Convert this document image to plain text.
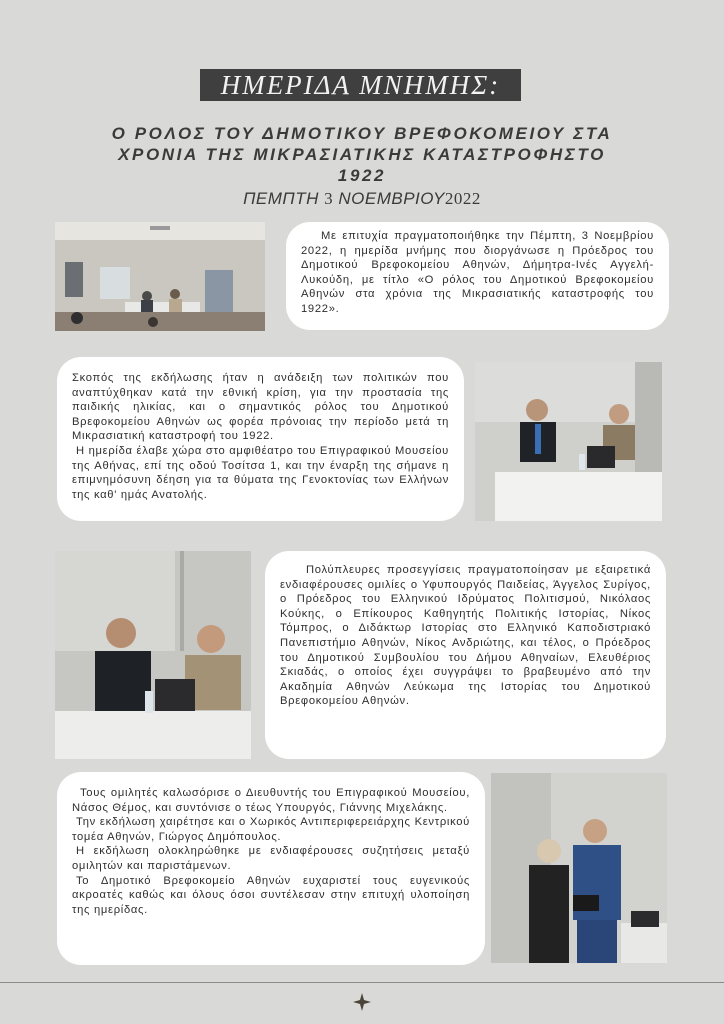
ΗΜΕΡΙΔΑ ΜΝΗΜΗΣ:
Ο ΡΟΛΟΣ ΤΟΥ ΔΗΜΟΤΙΚΟΥ ΒΡΕΦΟΚΟΜΕΙΟΥ ΣΤΑ
ΧΡΟΝΙΑ ΤΗΣ ΜΙΚΡΑΣΙΑΤΙΚΗΣ ΚΑΤΑΣΤΡΟΦΗΣΤΟ
1922
ΠΕΜΠΤΗ 3 ΝΟΕΜΒΡΙΟΥ2022

Με επιτυχία πραγματοποιήθηκε την Πέμπτη, 3 Νοεμβρίου 2022, η ημερίδα μνήμης που διοργάνωσε η Πρόεδρος του Δημοτικού Βρεφοκομείου Αθηνών, Δήμητρα-Ινές Αγγελή-Λυκούδη, με τίτλο «Ο ρόλος του Δημοτικού Βρεφοκομείου Αθηνών στα χρόνια της Μικρασιατικής καταστροφής του 1922».

Σκοπός της εκδήλωσης ήταν η ανάδειξη των πολιτικών που αναπτύχθηκαν κατά την εθνική κρίση, για την προστασία της παιδικής ηλικίας, και ο σημαντικός ρόλος του Δημοτικού Βρεφοκομείου Αθηνών ως φορέα πρόνοιας την περίοδο μετά τη Μικρασιατική καταστροφή του 1922.

Η ημερίδα έλαβε χώρα στο αμφιθέατρο του Επιγραφικού Μουσείου της Αθήνας, επί της οδού Τοσίτσα 1, και την έναρξη της σήμανε η επιμνημόσυνη δέηση για τα θύματα της Γενοκτονίας των Ελλήνων της καθ' ημάς Ανατολής.

Πολύπλευρες προσεγγίσεις πραγματοποίησαν με εξαιρετικά ενδιαφέρουσες ομιλίες ο Υφυπουργός Παιδείας, Άγγελος Συρίγος, ο Πρόεδρος του Ελληνικού Ιδρύματος Πολιτισμού, Νικόλαος Κούκης, ο Επίκουρος Καθηγητής Πολιτικής Ιστορίας, Νίκος Τόμπρος, ο Διδάκτωρ Ιστορίας στο Ελληνικό Καποδιστριακό Πανεπιστήμιο Αθηνών, Νίκος Ανδριώτης, και τέλος, ο Πρόεδρος του Δημοτικού Συμβουλίου του Δήμου Αθηναίων, Ελευθέριος Σκιαδάς, ο οποίος έχει συγγράψει το βραβευμένο από την Ακαδημία Αθηνών Λεύκωμα της Ιστορίας του Δημοτικού Βρεφοκομείου Αθηνών.

Τους ομιλητές καλωσόρισε ο Διευθυντής του Επιγραφικού Μουσείου, Νάσος Θέμος, και συντόνισε ο τέως Υπουργός, Γιάννης Μιχελάκης.

Την εκδήλωση χαιρέτησε και ο Χωρικός Αντιπεριφερειάρχης Κεντρικού τομέα Αθηνών, Γιώργος Δημόπουλος.

Η εκδήλωση ολοκληρώθηκε με ενδιαφέρουσες συζητήσεις μεταξύ ομιλητών και παριστάμενων.

Το Δημοτικό Βρεφοκομείο Αθηνών ευχαριστεί τους ευγενικούς ακροατές καθώς και όλους όσοι συντέλεσαν στην επιτυχή υλοποίηση της ημερίδας.
